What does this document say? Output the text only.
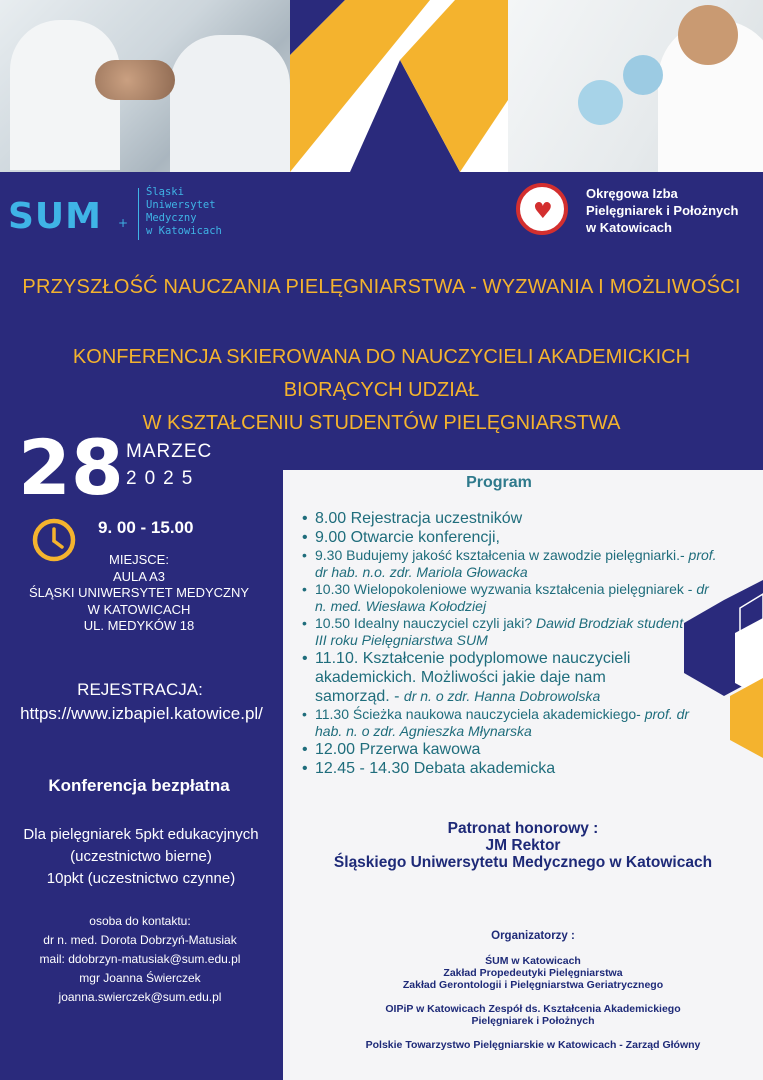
SUM +
Śląski
Uniwersytet
Medyczny
w Katowicach
♥
Okręgowa Izba
Pielęgniarek i Położnych
w Katowicach
PRZYSZŁOŚĆ NAUCZANIA PIELĘGNIARSTWA - WYZWANIA I MOŻLIWOŚCI
KONFERENCJA SKIEROWANA DO NAUCZYCIELI AKADEMICKICH BIORĄCYCH UDZIAŁ
W KSZTAŁCENIU STUDENTÓW PIELĘGNIARSTWA
28 MARZEC
2025
9. 00 - 15.00
MIEJSCE:
AULA A3
ŚLĄSKI UNIWERSYTET MEDYCZNY
W KATOWICACH
UL. MEDYKÓW 18
REJESTRACJA:
https://www.izbapiel.katowice.pl/
Konferencja bezpłatna
Dla pielęgniarek 5pkt edukacyjnych
(uczestnictwo bierne)
10pkt (uczestnictwo czynne)
osoba do kontaktu:
dr n. med. Dorota Dobrzyń-Matusiak
mail: ddobrzyn-matusiak@sum.edu.pl
mgr Joanna Świerczek
joanna.swierczek@sum.edu.pl
Program
• 8.00 Rejestracja uczestników
• 9.00 Otwarcie konferencji,
• 9.30 Budujemy jakość kształcenia w zawodzie pielęgniarki.- prof. dr hab. n.o. zdr. Mariola Głowacka
• 10.30 Wielopokoleniowe wyzwania kształcenia pielęgniarek - dr n. med. Wiesława Kołodziej
• 10.50 Idealny nauczyciel czyli jaki? Dawid Brodziak student III roku Pielęgniarstwa SUM
• 11.10. Kształcenie podyplomowe nauczycieli akademickich. Możliwości jakie daje nam samorząd. - dr n. o zdr. Hanna Dobrowolska
• 11.30 Ścieżka naukowa nauczyciela akademickiego- prof. dr hab. n. o zdr. Agnieszka Młynarska
• 12.00 Przerwa kawowa
• 12.45 - 14.30 Debata akademicka
Patronat honorowy :
JM Rektor
Śląskiego Uniwersytetu Medycznego w Katowicach
Organizatorzy :
ŚUM w Katowicach
Zakład Propedeutyki Pielęgniarstwa
Zakład Gerontologii i Pielęgniarstwa Geriatrycznego
OIPiP w Katowicach Zespół ds. Kształcenia Akademickiego
Pielęgniarek i Położnych
Polskie Towarzystwo Pielęgniarskie w Katowicach - Zarząd Główny
